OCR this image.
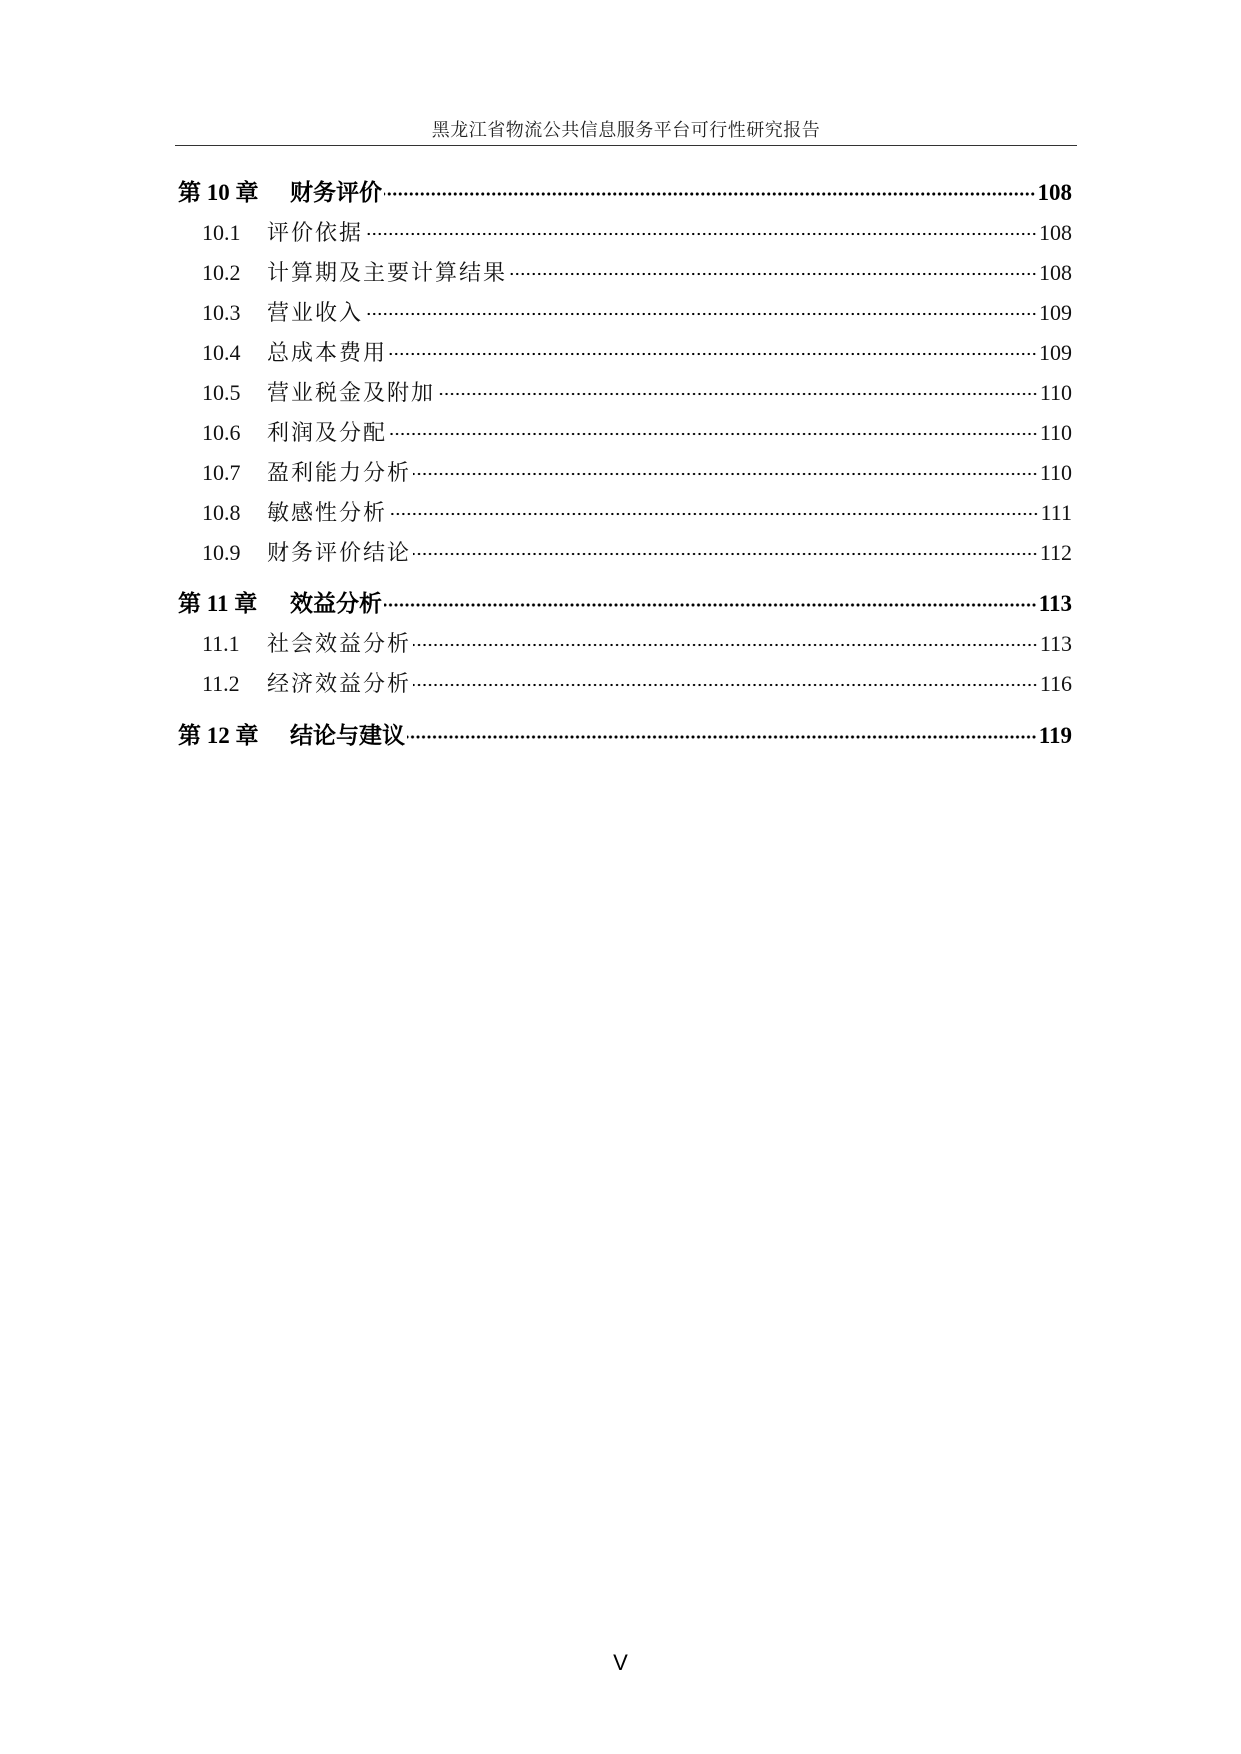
黑龙江省物流公共信息服务平台可行性研究报告
第 10 章	财务评价	108
10.1	评价依据	108
10.2	计算期及主要计算结果	108
10.3	营业收入	109
10.4	总成本费用	109
10.5	营业税金及附加	110
10.6	利润及分配	110
10.7	盈利能力分析	110
10.8	敏感性分析	111
10.9	财务评价结论	112
第 11 章	效益分析	113
11.1	社会效益分析	113
11.2	经济效益分析	116
第 12 章	结论与建议	119
V
